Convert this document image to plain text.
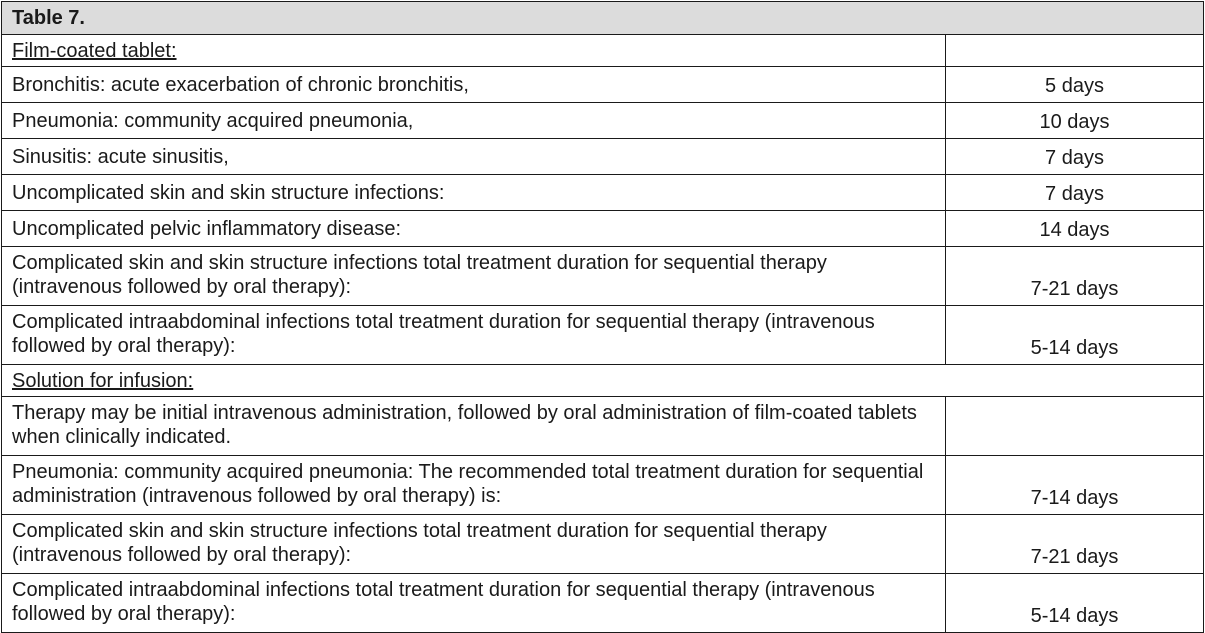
Table 7.	
Film-coated tablet:	
Bronchitis: acute exacerbation of chronic bronchitis,	5 days
Pneumonia: community acquired pneumonia,	10 days
Sinusitis: acute sinusitis,	7 days
Uncomplicated skin and skin structure infections:	7 days
Uncomplicated pelvic inflammatory disease:	14 days
Complicated skin and skin structure infections total treatment duration for sequential therapy (intravenous followed by oral therapy):	7-21 days
Complicated intraabdominal infections total treatment duration for sequential therapy (intravenous followed by oral therapy):	5-14 days
Solution for infusion:	
Therapy may be initial intravenous administration, followed by oral administration of film-coated tablets when clinically indicated.	
Pneumonia: community acquired pneumonia: The recommended total treatment duration for sequential administration (intravenous followed by oral therapy) is:	7-14 days
Complicated skin and skin structure infections total treatment duration for sequential therapy (intravenous followed by oral therapy):	7-21 days
Complicated intraabdominal infections total treatment duration for sequential therapy (intravenous followed by oral therapy):	5-14 days
